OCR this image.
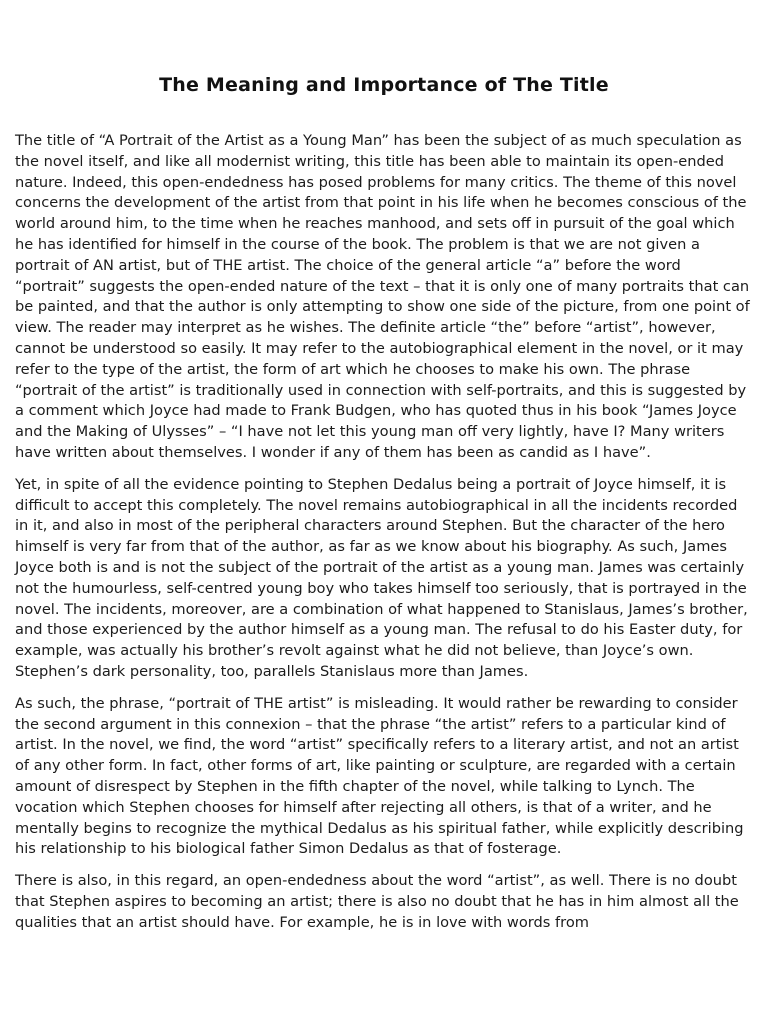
The Meaning and Importance of The Title

The title of “A Portrait of the Artist as a Young Man” has been the subject of as much speculation as the novel itself, and like all modernist writing, this title has been able to maintain its open-ended nature. Indeed, this open-endedness has posed problems for many critics. The theme of this novel concerns the development of the artist from that point in his life when he becomes conscious of the world around him, to the time when he reaches manhood, and sets off in pursuit of the goal which he has identified for himself in the course of the book. The problem is that we are not given a portrait of AN artist, but of THE artist. The choice of the general article “a” before the word “portrait” suggests the open-ended nature of the text – that it is only one of many portraits that can be painted, and that the author is only attempting to show one side of the picture, from one point of view. The reader may interpret as he wishes. The definite article “the” before “artist”, however, cannot be understood so easily. It may refer to the autobiographical element in the novel, or it may refer to the type of the artist, the form of art which he chooses to make his own. The phrase “portrait of the artist” is traditionally used in connection with self-portraits, and this is suggested by a comment which Joyce had made to Frank Budgen, who has quoted thus in his book “James Joyce and the Making of Ulysses” – “I have not let this young man off very lightly, have I? Many writers have written about themselves. I wonder if any of them has been as candid as I have”.

Yet, in spite of all the evidence pointing to Stephen Dedalus being a portrait of Joyce himself, it is difficult to accept this completely. The novel remains autobiographical in all the incidents recorded in it, and also in most of the peripheral characters around Stephen. But the character of the hero himself is very far from that of the author, as far as we know about his biography. As such, James Joyce both is and is not the subject of the portrait of the artist as a young man. James was certainly not the humourless, self-centred young boy who takes himself too seriously, that is portrayed in the novel. The incidents, moreover, are a combination of what happened to Stanislaus, James’s brother, and those experienced by the author himself as a young man. The refusal to do his Easter duty, for example, was actually his brother’s revolt against what he did not believe, than Joyce’s own. Stephen’s dark personality, too, parallels Stanislaus more than James.

As such, the phrase, “portrait of THE artist” is misleading. It would rather be rewarding to consider the second argument in this connexion – that the phrase “the artist” refers to a particular kind of artist. In the novel, we find, the word “artist” specifically refers to a literary artist, and not an artist of any other form. In fact, other forms of art, like painting or sculpture, are regarded with a certain amount of disrespect by Stephen in the fifth chapter of the novel, while talking to Lynch. The vocation which Stephen chooses for himself after rejecting all others, is that of a writer, and he mentally begins to recognize the mythical Dedalus as his spiritual father, while explicitly describing his relationship to his biological father Simon Dedalus as that of fosterage.

There is also, in this regard, an open-endedness about the word “artist”, as well. There is no doubt that Stephen aspires to becoming an artist; there is also no doubt that he has in him almost all the qualities that an artist should have. For example, he is in love with words from
